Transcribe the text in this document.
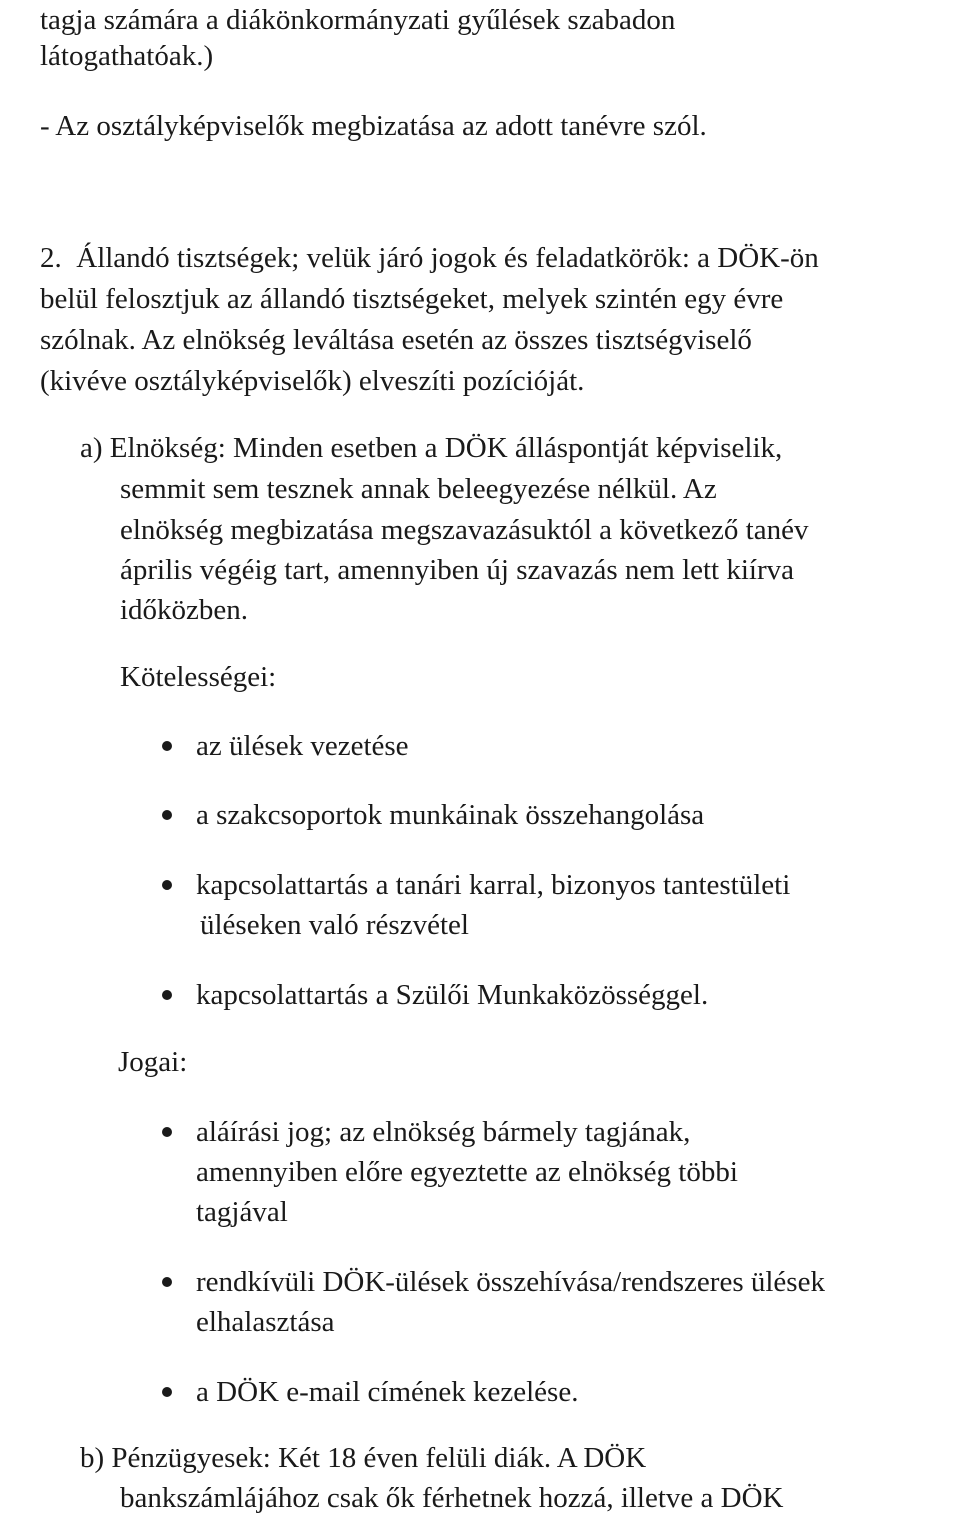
tagja számára a diákönkormányzati gyűlések szabadon
látogathatóak.)
- Az osztályképviselők megbizatása az adott tanévre szól.
2.  Állandó tisztségek; velük járó jogok és feladatkörök: a DÖK-ön
belül felosztjuk az állandó tisztségeket, melyek szintén egy évre
szólnak. Az elnökség leváltása esetén az összes tisztségviselő
(kivéve osztályképviselők) elveszíti pozícióját.
a) Elnökség: Minden esetben a DÖK álláspontját képviselik,
semmit sem tesznek annak beleegyezése nélkül. Az
elnökség megbizatása megszavazásuktól a következő tanév
április végéig tart, amennyiben új szavazás nem lett kiírva
időközben.
Kötelességei:
az ülések vezetése
a szakcsoportok munkáinak összehangolása
kapcsolattartás a tanári karral, bizonyos tantestületi
üléseken való részvétel
kapcsolattartás a Szülői Munkaközösséggel.
Jogai:
aláírási jog; az elnökség bármely tagjának,
amennyiben előre egyeztette az elnökség többi
tagjával
rendkívüli DÖK-ülések összehívása/rendszeres ülések
elhalasztása
a DÖK e-mail címének kezelése.
b) Pénzügyesek: Két 18 éven felüli diák. A DÖK
bankszámlájához csak ők férhetnek hozzá, illetve a DÖK
